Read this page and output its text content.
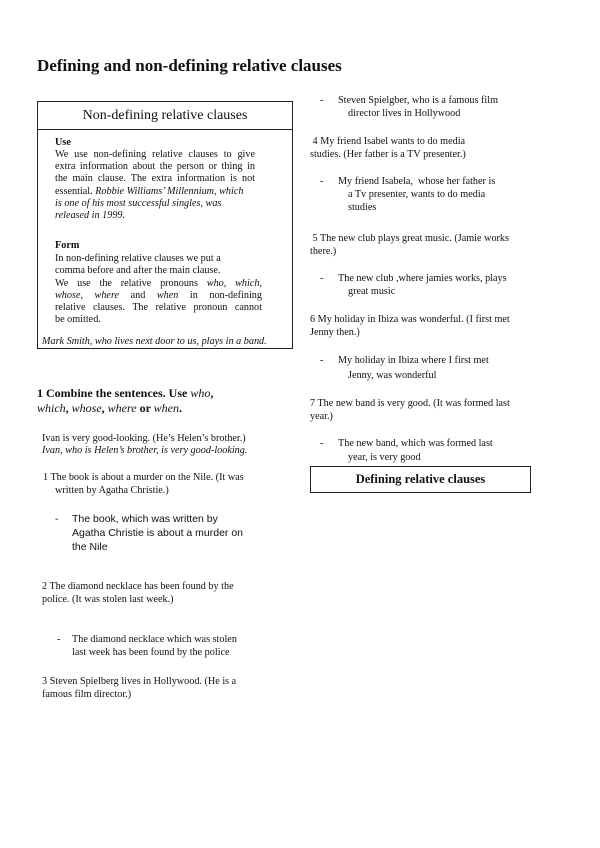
Defining and non-defining relative clauses
Non-defining relative clauses
Use
We use non-defining relative clauses to give
extra information about the person or thing in
the main clause. The extra information is not
essential. Robbie Williams’ Millennium, which
is one of his most successful singles, was
released in 1999.
Form
In non-defining relative clauses we put a
comma before and after the main clause.
We use the relative pronouns who, which,
whose, where and when in non-defining
relative clauses. The relative pronoun cannot
be omitted.
Mark Smith, who lives next door to us, plays in a band.
1 Combine the sentences. Use who,
which, whose, where or when.
Ivan is very good-looking. (He’s Helen’s brother.)
Ivan, who is Helen’s brother, is very good-looking.
1 The book is about a murder on the Nile. (It was
written by Agatha Christie.)
- The book, which was written by
Agatha Christie is about a murder on
the Nile
2 The diamond necklace has been found by the
police. (It was stolen last week.)
- The diamond necklace which was stolen
last week has been found by the police
3 Steven Spielberg lives in Hollywood. (He is a
famous film director.)
- Steven Spielgber, who is a famous film
director lives in Hollywood
4 My friend Isabel wants to do media
studies. (Her father is a TV presenter.)
- My friend Isabela,  whose her father is
a Tv presenter, wants to do media
studies
5 The new club plays great music. (Jamie works
there.)
- The new club ,where jamies works, plays
great music
6 My holiday in Ibiza was wonderful. (I first met
Jenny then.)
- My holiday in Ibiza where I first met
Jenny, was wonderful
7 The new band is very good. (It was formed last
year.)
- The new band, which was formed last
year, is very good
Defining relative clauses
